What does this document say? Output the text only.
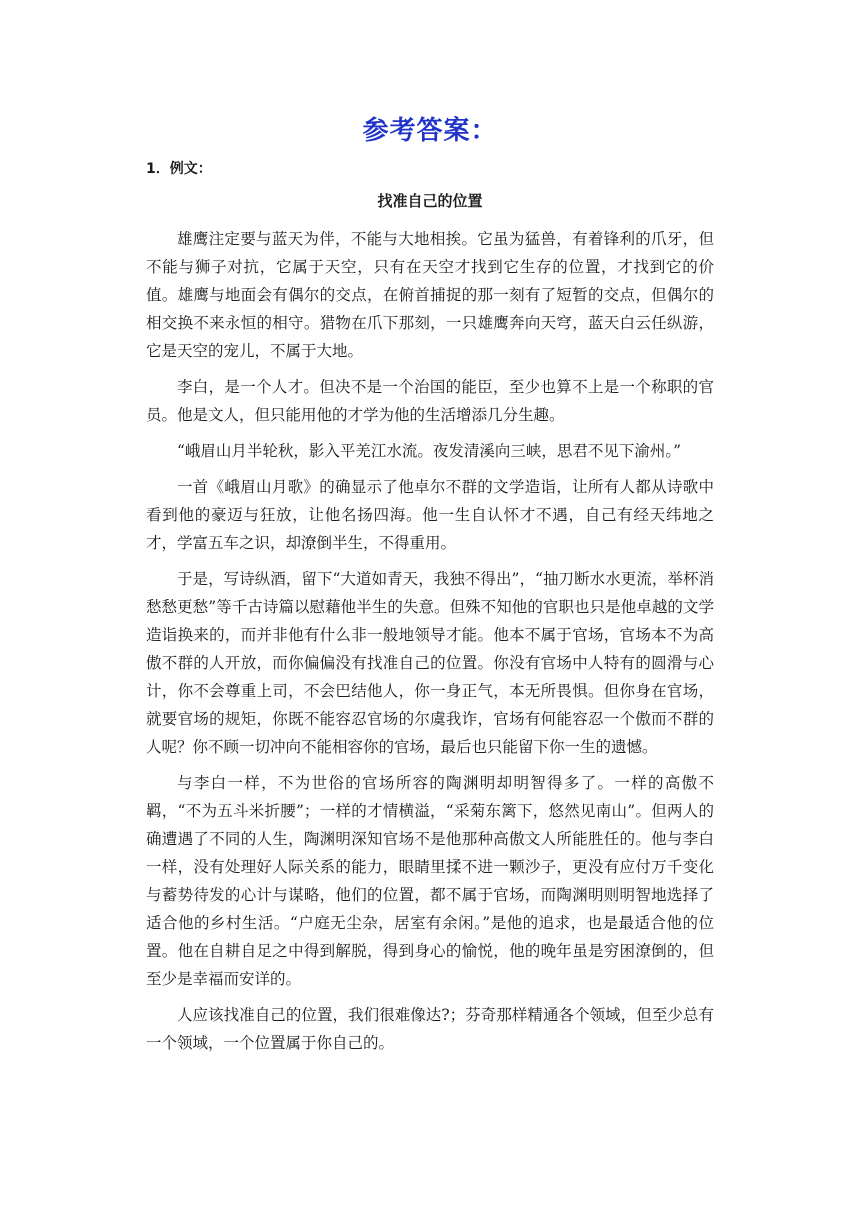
参考答案：
1．例文：
找准自己的位置

雄鹰注定要与蓝天为伴，不能与大地相挨。它虽为猛兽，有着锋利的爪牙，但不能与狮子对抗，它属于天空，只有在天空才找到它生存的位置，才找到它的价值。雄鹰与地面会有偶尔的交点，在俯首捕捉的那一刻有了短暂的交点，但偶尔的相交换不来永恒的相守。猎物在爪下那刻，一只雄鹰奔向天穹，蓝天白云任纵游，它是天空的宠儿，不属于大地。

李白，是一个人才。但决不是一个治国的能臣，至少也算不上是一个称职的官员。他是文人，但只能用他的才学为他的生活增添几分生趣。

“峨眉山月半轮秋，影入平羌江水流。夜发清溪向三峡，思君不见下渝州。”

一首《峨眉山月歌》的确显示了他卓尔不群的文学造诣，让所有人都从诗歌中看到他的豪迈与狂放，让他名扬四海。他一生自认怀才不遇，自己有经天纬地之才，学富五车之识，却潦倒半生，不得重用。

于是，写诗纵酒，留下“大道如青天，我独不得出”，“抽刀断水水更流，举杯消愁愁更愁”等千古诗篇以慰藉他半生的失意。但殊不知他的官职也只是他卓越的文学造诣换来的，而并非他有什么非一般地领导才能。他本不属于官场，官场本不为高傲不群的人开放，而你偏偏没有找准自己的位置。你没有官场中人特有的圆滑与心计，你不会尊重上司，不会巴结他人，你一身正气，本无所畏惧。但你身在官场，就要官场的规矩，你既不能容忍官场的尔虞我诈，官场有何能容忍一个傲而不群的人呢？你不顾一切冲向不能相容你的官场，最后也只能留下你一生的遗憾。

与李白一样，不为世俗的官场所容的陶渊明却明智得多了。一样的高傲不羁，“不为五斗米折腰”；一样的才情横溢，“采菊东篱下，悠然见南山”。但两人的确遭遇了不同的人生，陶渊明深知官场不是他那种高傲文人所能胜任的。他与李白一样，没有处理好人际关系的能力，眼睛里揉不进一颗沙子，更没有应付万千变化与蓄势待发的心计与谋略，他们的位置，都不属于官场，而陶渊明则明智地选择了适合他的乡村生活。“户庭无尘杂，居室有余闲。”是他的追求，也是最适合他的位置。他在自耕自足之中得到解脱，得到身心的愉悦，他的晚年虽是穷困潦倒的，但至少是幸福而安详的。

人应该找准自己的位置，我们很难像达?；芬奇那样精通各个领域，但至少总有一个领域，一个位置属于你自己的。
